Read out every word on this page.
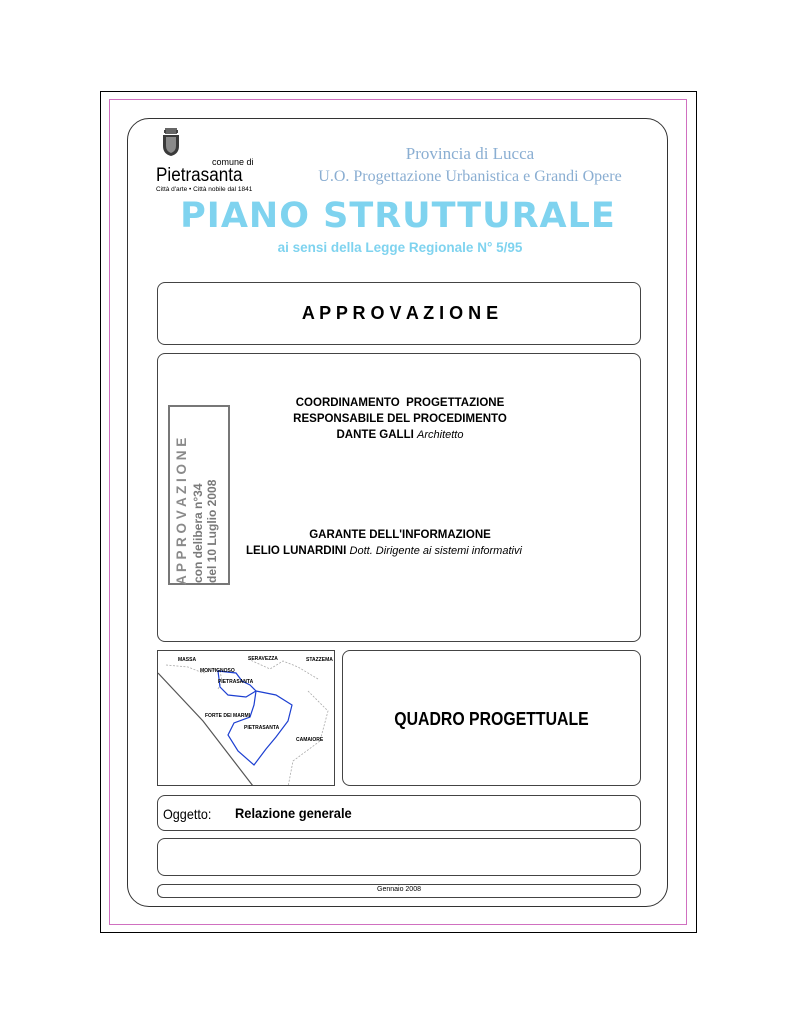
comune di
Pietrasanta
Città d'arte • Città nobile dal 1841
Provincia di Lucca
U.O. Progettazione Urbanistica e Grandi Opere
PIANO STRUTTURALE
ai sensi della Legge Regionale N° 5/95
A P P R O V A Z I O N E
A P P R O V A Z I O N E con delibera n°34 del 10 Luglio 2008
COORDINAMENTO  PROGETTAZIONE
RESPONSABILE DEL PROCEDIMENTO
DANTE GALLI Architetto
GARANTE DELL'INFORMAZIONE
LELIO LUNARDINI Dott. Dirigente ai sistemi informativi
MASSA	SERAVEZZA	STAZZEMA
MONTIGNOSO
PIETRASANTA
FORTE DEI MARMI
PIETRASANTA
CAMAIORE
QUADRO PROGETTUALE
Oggetto: Relazione generale
Gennaio 2008
